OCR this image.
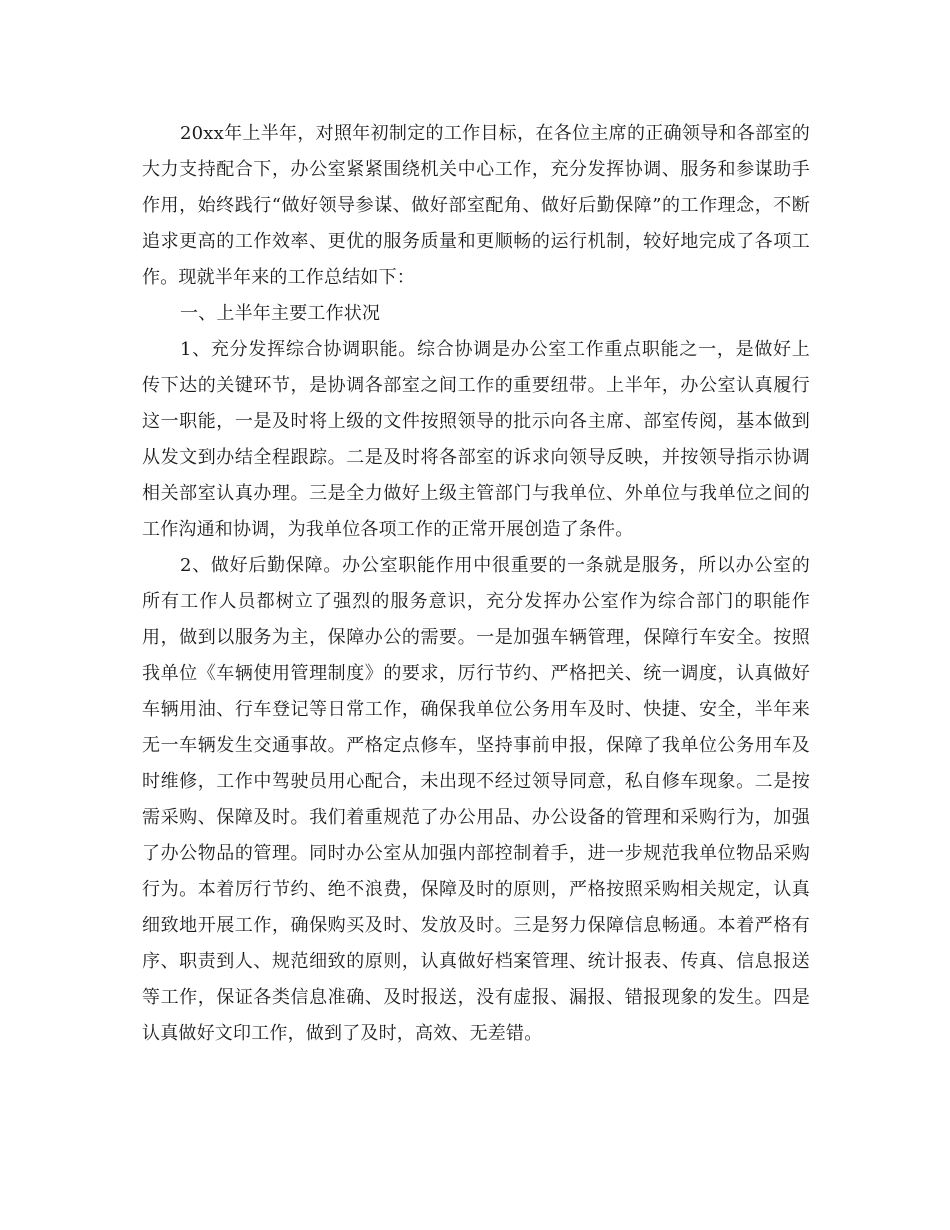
20xx年上半年，对照年初制定的工作目标，在各位主席的正确领导和各部室的大力支持配合下，办公室紧紧围绕机关中心工作，充分发挥协调、服务和参谋助手作用，始终践行“做好领导参谋、做好部室配角、做好后勤保障”的工作理念，不断追求更高的工作效率、更优的服务质量和更顺畅的运行机制，较好地完成了各项工作。现就半年来的工作总结如下：

一、上半年主要工作状况

1、充分发挥综合协调职能。综合协调是办公室工作重点职能之一，是做好上传下达的关键环节，是协调各部室之间工作的重要纽带。上半年，办公室认真履行这一职能，一是及时将上级的文件按照领导的批示向各主席、部室传阅，基本做到从发文到办结全程跟踪。二是及时将各部室的诉求向领导反映，并按领导指示协调相关部室认真办理。三是全力做好上级主管部门与我单位、外单位与我单位之间的工作沟通和协调，为我单位各项工作的正常开展创造了条件。

2、做好后勤保障。办公室职能作用中很重要的一条就是服务，所以办公室的所有工作人员都树立了强烈的服务意识，充分发挥办公室作为综合部门的职能作用，做到以服务为主，保障办公的需要。一是加强车辆管理，保障行车安全。按照我单位《车辆使用管理制度》的要求，厉行节约、严格把关、统一调度，认真做好车辆用油、行车登记等日常工作，确保我单位公务用车及时、快捷、安全，半年来无一车辆发生交通事故。严格定点修车，坚持事前申报，保障了我单位公务用车及时维修，工作中驾驶员用心配合，未出现不经过领导同意，私自修车现象。二是按需采购、保障及时。我们着重规范了办公用品、办公设备的管理和采购行为，加强了办公物品的管理。同时办公室从加强内部控制着手，进一步规范我单位物品采购行为。本着厉行节约、绝不浪费，保障及时的原则，严格按照采购相关规定，认真细致地开展工作，确保购买及时、发放及时。三是努力保障信息畅通。本着严格有序、职责到人、规范细致的原则，认真做好档案管理、统计报表、传真、信息报送等工作，保证各类信息准确、及时报送，没有虚报、漏报、错报现象的发生。四是认真做好文印工作，做到了及时，高效、无差错。
